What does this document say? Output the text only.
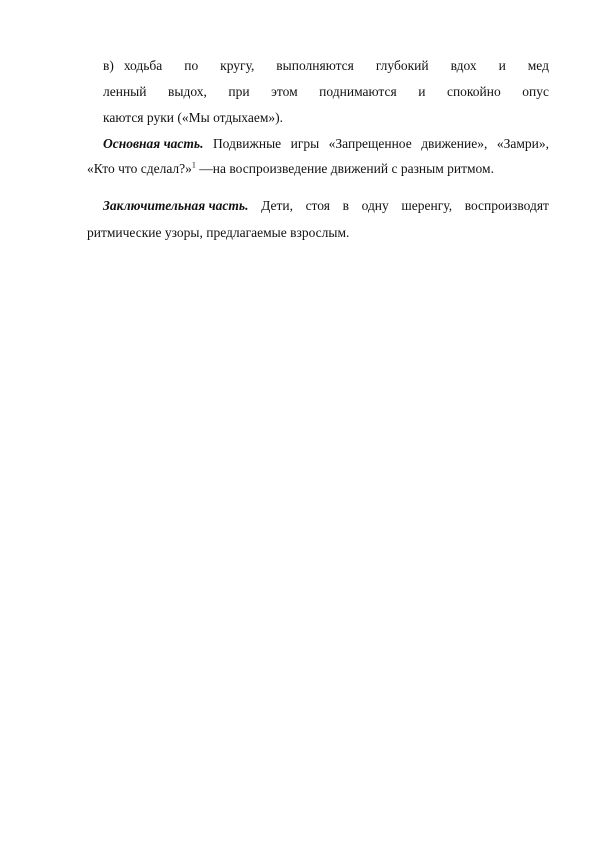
в) ходьба по кругу, выполняются глубокий вдох и мед
ленный выдох, при этом поднимаются и спокойно опус
каются руки («Мы отдыхаем»).
Основная часть. Подвижные игры «Запрещенное движение», «Замри»,
«Кто что сделал?»$^1$ —на воспроизведение движений с разным ритмом.
Заключительная часть. Дети, стоя в одну шеренгу, воспроизводят
ритмические узоры, предлагаемые взрослым.
